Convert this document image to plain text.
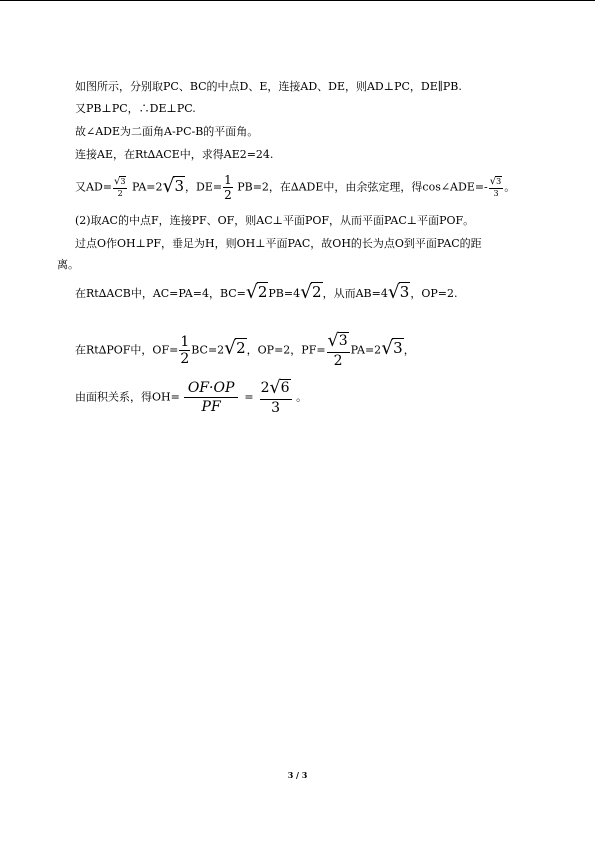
如图所示，分别取PC、BC的中点D、E，连接AD、DE，则AD⊥PC，DE∥PB.
又PB⊥PC，∴DE⊥PC.
故∠ADE为二面角A-PC-B的平面角。
连接AE，在Rt∆ACE中，求得AE2=24.
又$AD= \frac{√3}{2} PA=2√3$，$DE= \frac{1}{2} PB=2$，在∆ADE中，由余弦定理，得cos∠ADE=- $\frac{√3}{3}$ 。
(2)取AC的中点F，连接PF、OF，则AC⊥平面POF，从而平面PAC⊥平面POF。
过点O作OH⊥PF，垂足为H，则OH⊥平面PAC，故OH的长为点O到平面PAC的距
离。
在Rt∆ACB中，AC=PA=4，BC=√2PB=4√2，从而AB=4√3，OP=2.
在Rt∆POF中，$OF= \frac{1}{2} BC=2√2$，OP=2，$PF= \frac{√3}{2} PA=2√3$，
由面积关系，得$OH= \frac{OF\cdot OP}{PF} = \frac{2√6}{3}$ 。
3 / 3
